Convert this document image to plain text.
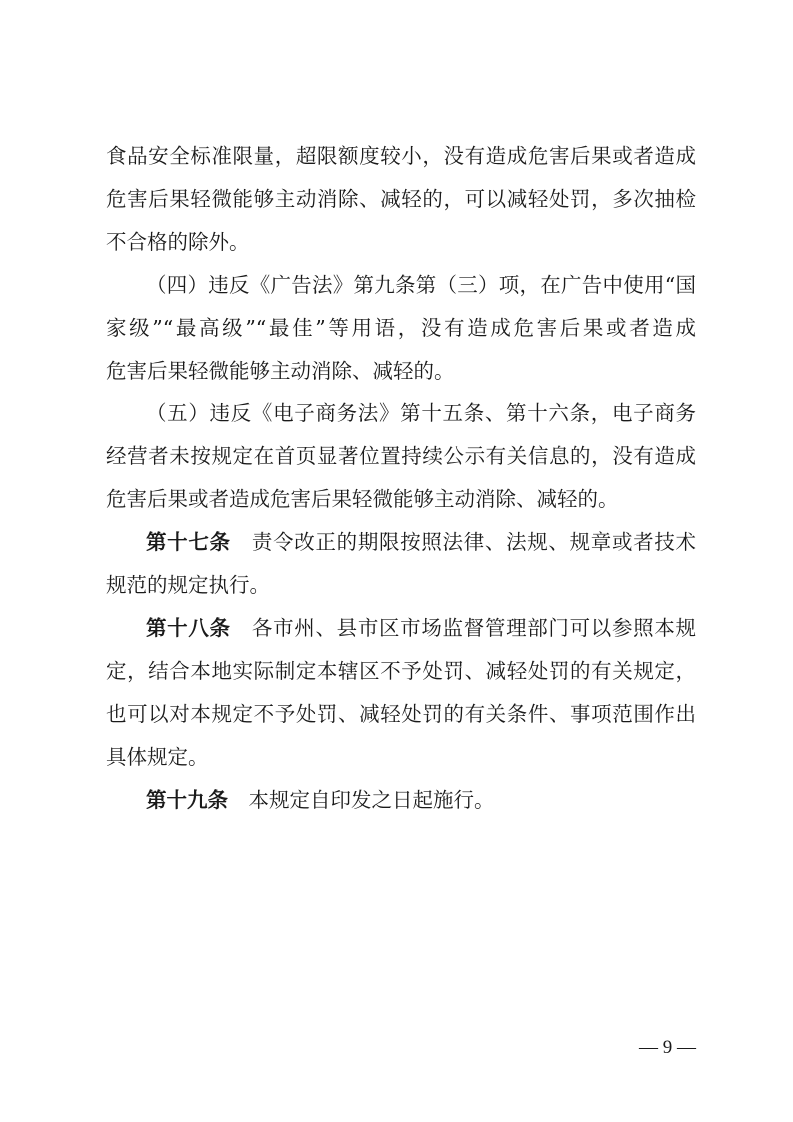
食品安全标准限量，超限额度较小，没有造成危害后果或者造成
危害后果轻微能够主动消除、减轻的，可以减轻处罚，多次抽检
不合格的除外。
（四）违反《广告法》第九条第（三）项，在广告中使用“国
家级”“最高级”“最佳”等用语，没有造成危害后果或者造成
危害后果轻微能够主动消除、减轻的。
（五）违反《电子商务法》第十五条、第十六条，电子商务
经营者未按规定在首页显著位置持续公示有关信息的，没有造成
危害后果或者造成危害后果轻微能够主动消除、减轻的。
第十七条  责令改正的期限按照法律、法规、规章或者技术
规范的规定执行。
第十八条  各市州、县市区市场监督管理部门可以参照本规
定，结合本地实际制定本辖区不予处罚、减轻处罚的有关规定，
也可以对本规定不予处罚、减轻处罚的有关条件、事项范围作出
具体规定。
第十九条  本规定自印发之日起施行。
— 9 —
